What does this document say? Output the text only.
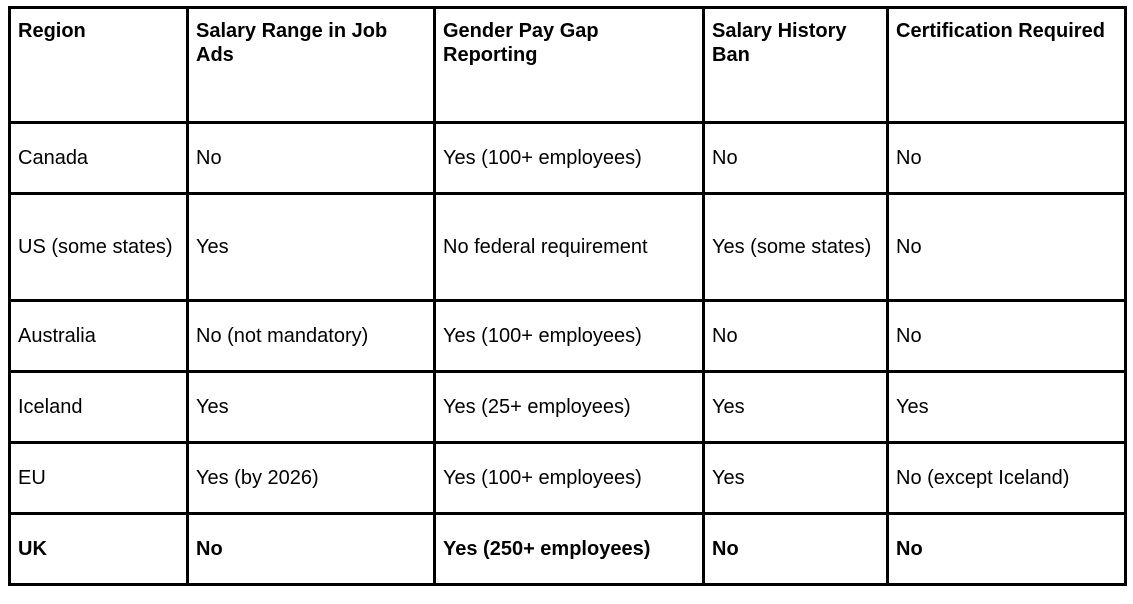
Region	Salary Range in Job Ads	Gender Pay Gap Reporting	Salary History Ban	Certification Required
Canada	No	Yes (100+ employees)	No	No
US (some states)	Yes	No federal requirement	Yes (some states)	No
Australia	No (not mandatory)	Yes (100+ employees)	No	No
Iceland	Yes	Yes (25+ employees)	Yes	Yes
EU	Yes (by 2026)	Yes (100+ employees)	Yes	No (except Iceland)
UK	No	Yes (250+ employees)	No	No
